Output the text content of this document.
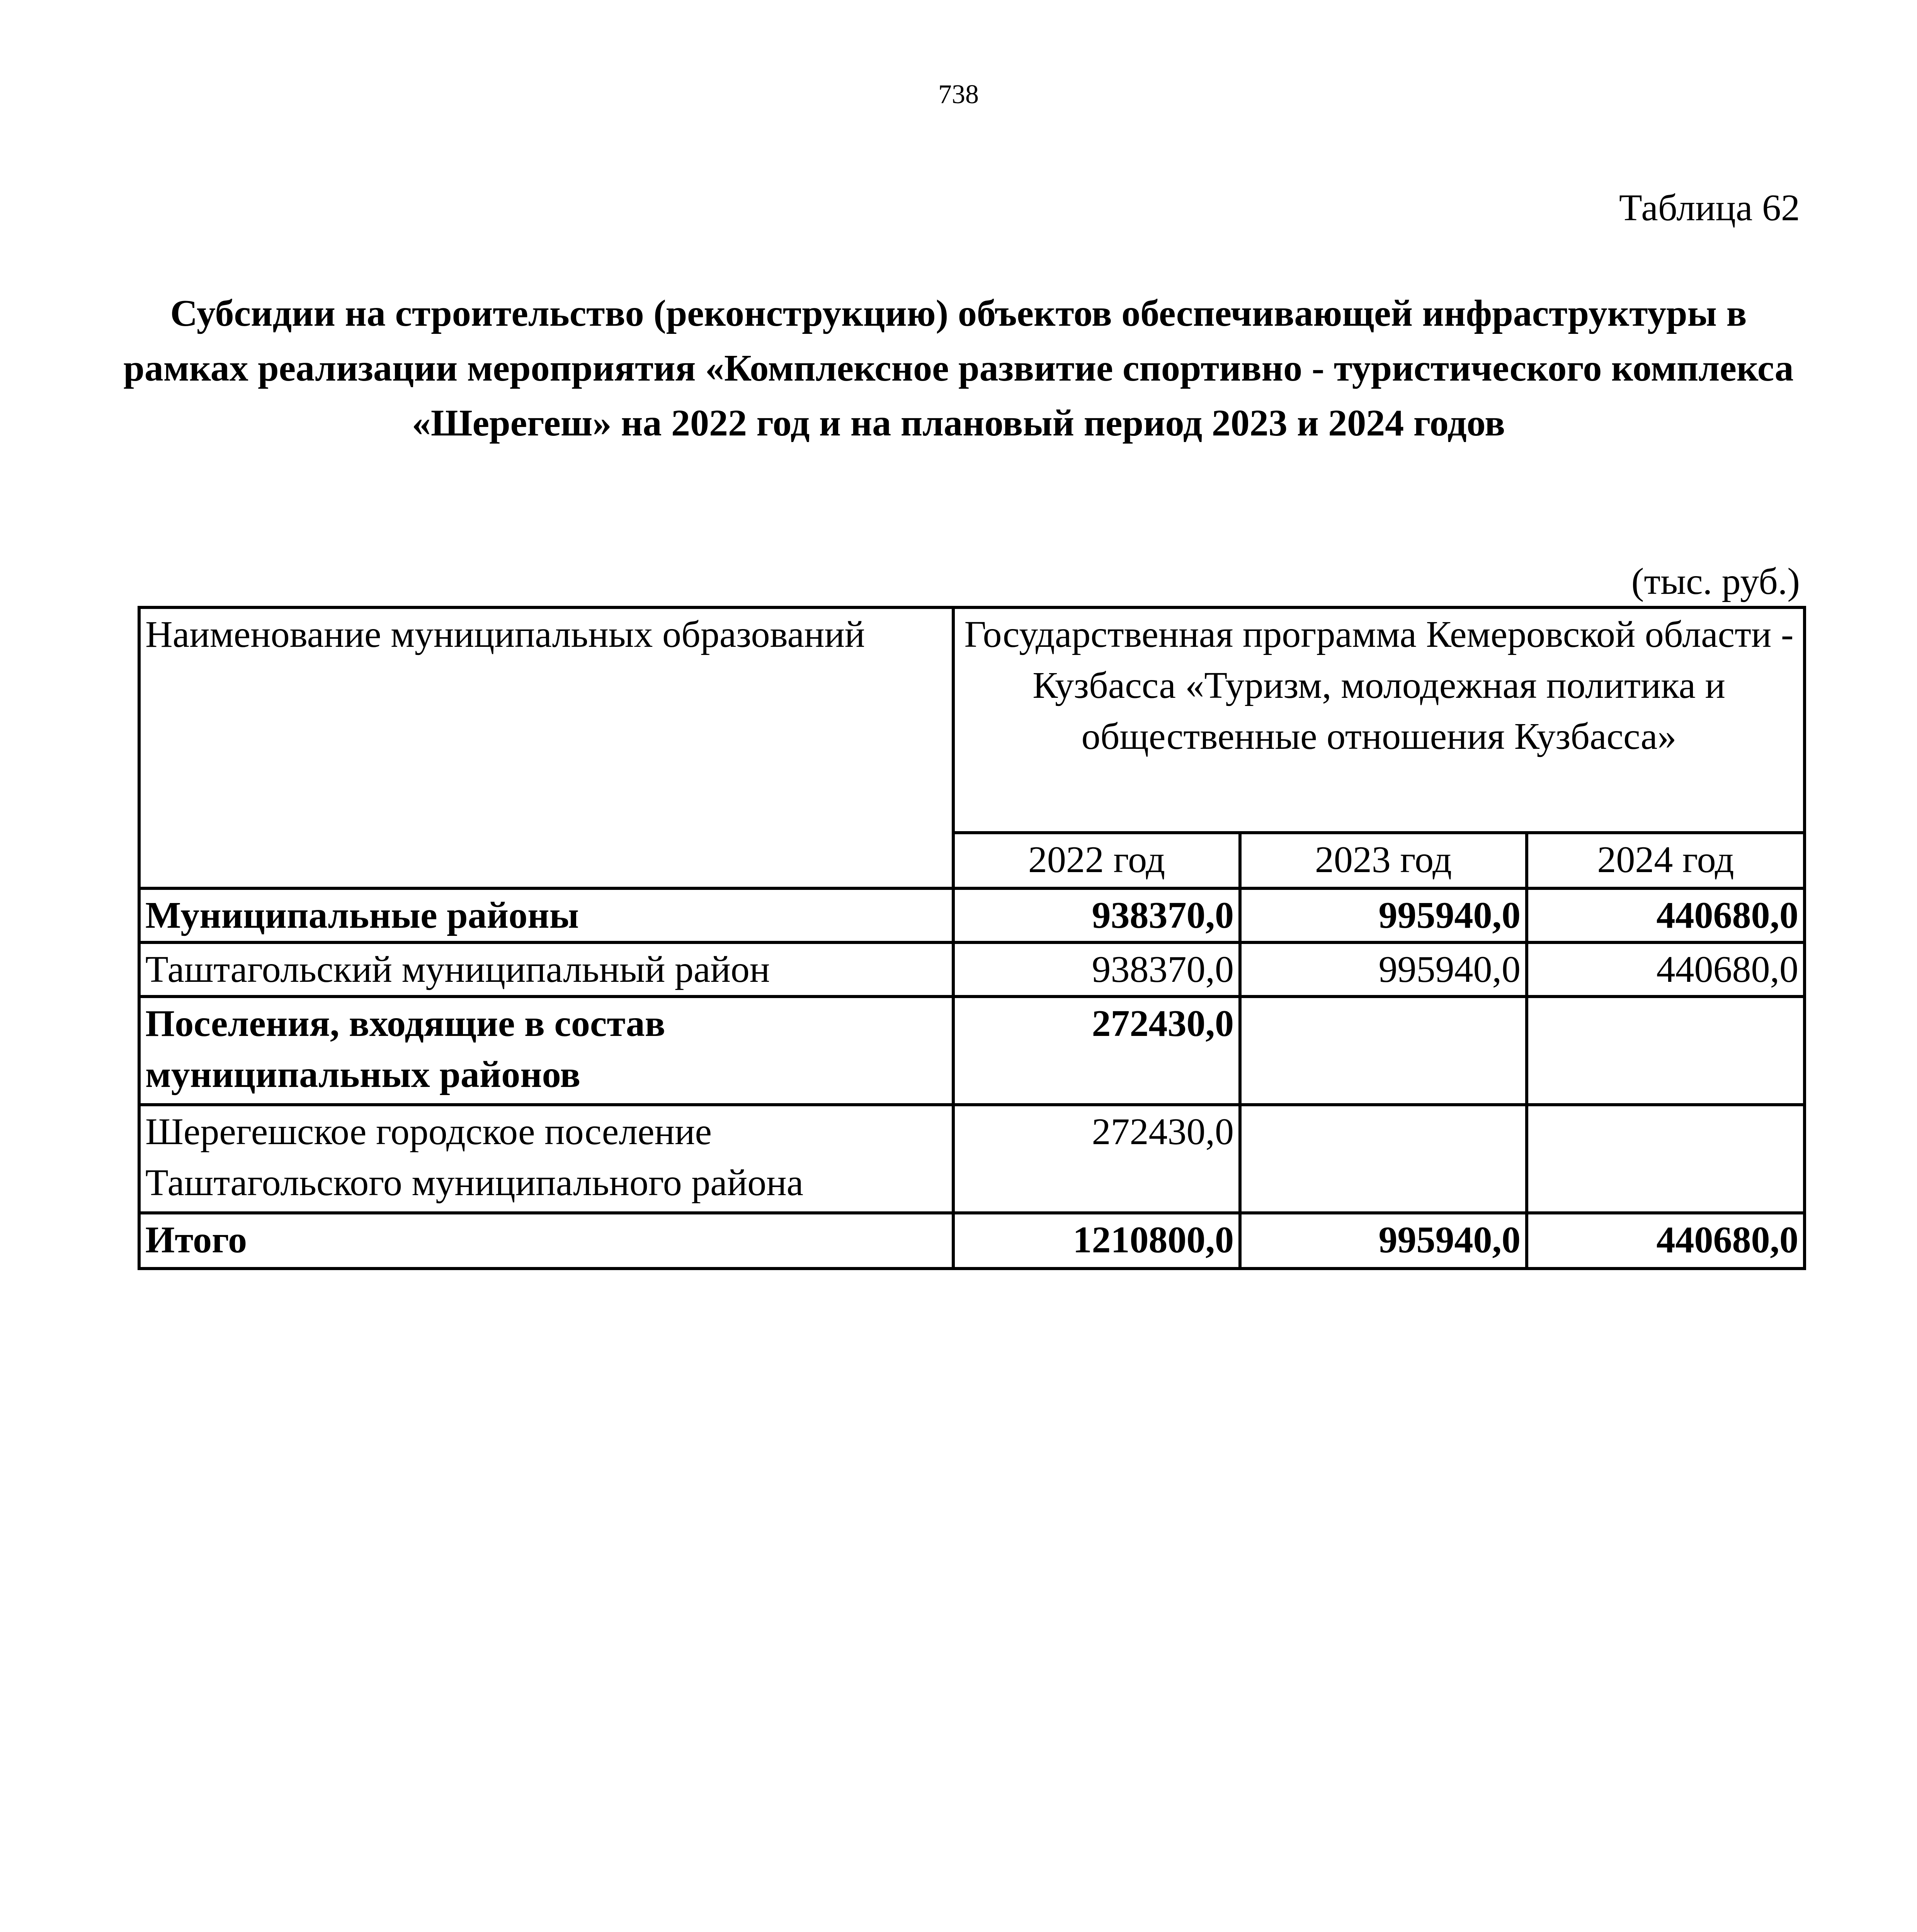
738
Таблица 62
Субсидии на строительство (реконструкцию) объектов обеспечивающей инфраструктуры в рамках реализации мероприятия «Комплексное развитие спортивно - туристического комплекса «Шерегеш» на 2022 год и на плановый период 2023 и 2024 годов
(тыс. руб.)
Наименование муниципальных образований	Государственная программа Кемеровской области - Кузбасса «Туризм, молодежная политика и общественные отношения Кузбасса»		
	2022 год	2023 год	2024 год
Муниципальные районы	938370,0	995940,0	440680,0
Таштагольский муниципальный район	938370,0	995940,0	440680,0
Поселения, входящие в состав муниципальных районов	272430,0		
Шерегешское городское поселение Таштагольского муниципального района	272430,0		
Итого	1210800,0	995940,0	440680,0
